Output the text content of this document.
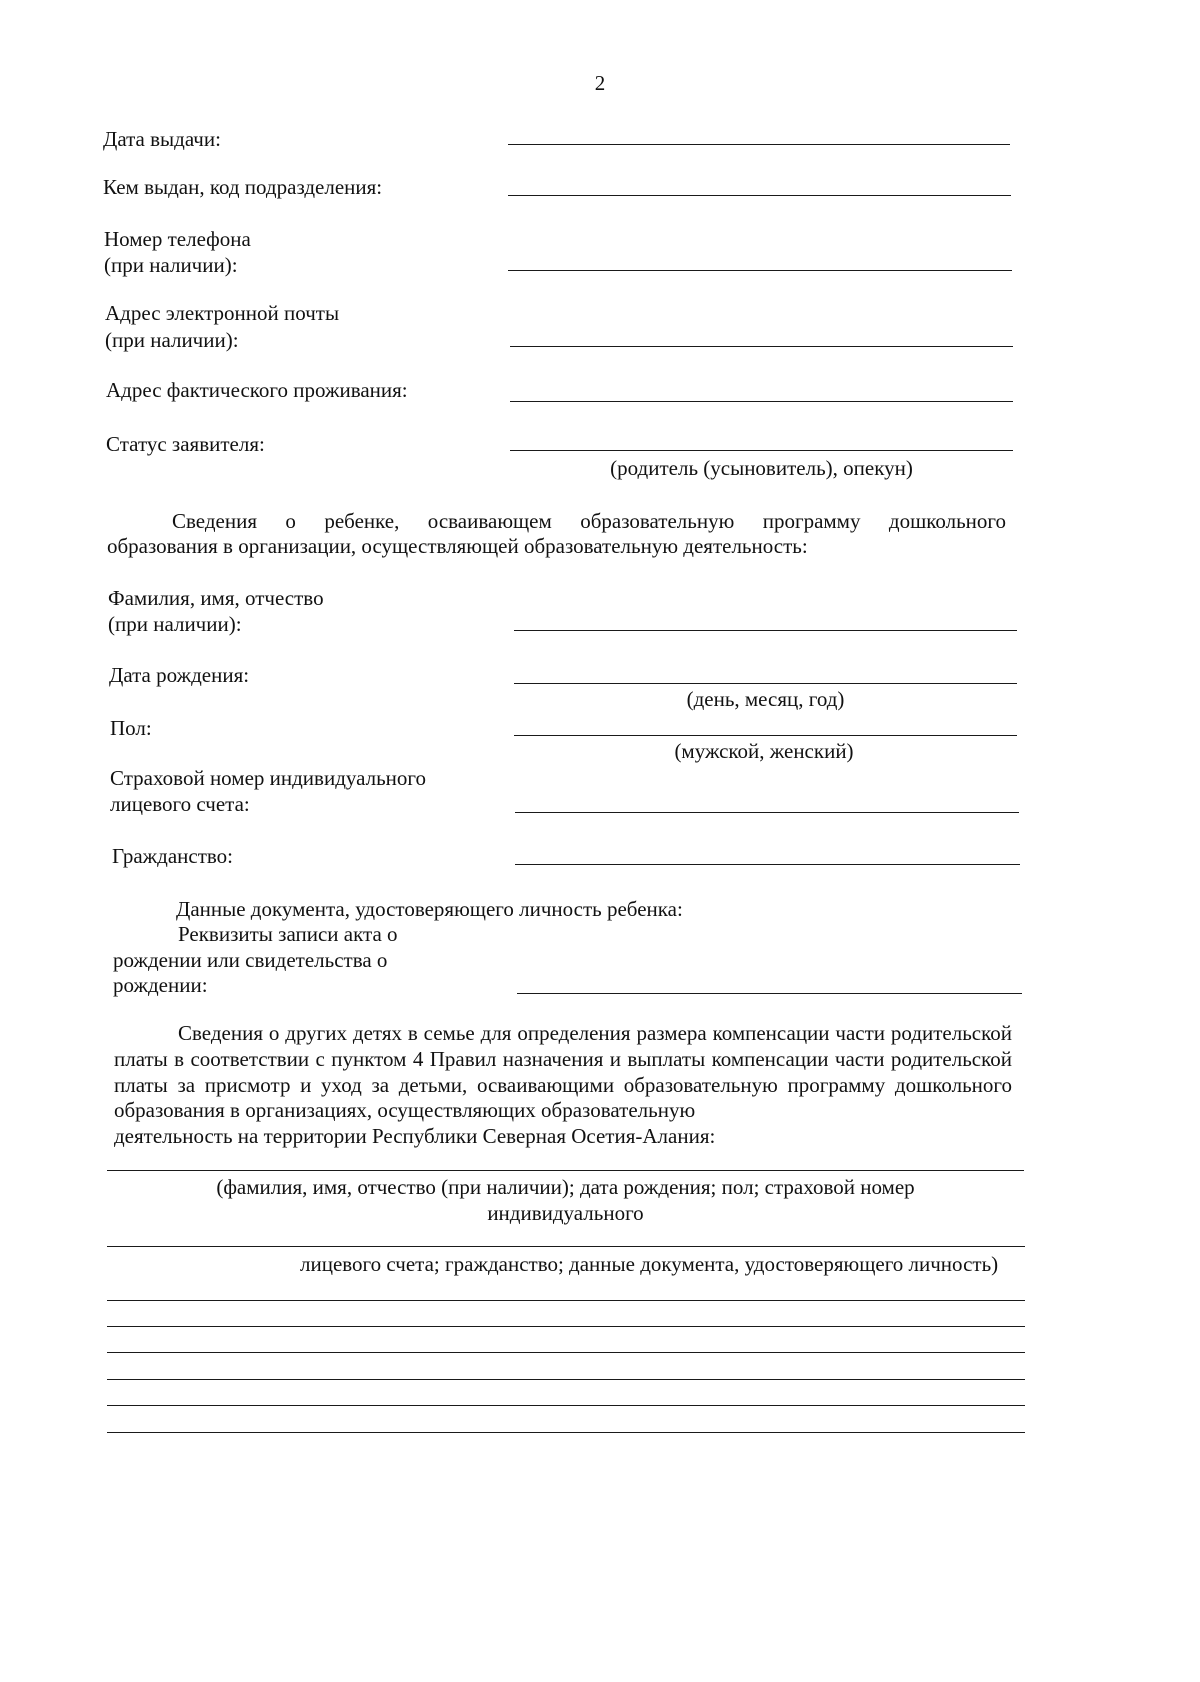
2
Дата выдачи:
Кем выдан, код подразделения:
Номер телефона
(при наличии):
Адрес электронной почты
(при наличии):
Адрес фактического проживания:
Статус заявителя:
(родитель (усыновитель), опекун)
Сведения о ребенке, осваивающем образовательную программу дошкольного
образования в организации, осуществляющей образовательную деятельность:
Фамилия, имя, отчество
(при наличии):
Дата рождения:
(день, месяц, год)
Пол:
(мужской, женский)
Страховой номер индивидуального
лицевого счета:
Гражданство:
Данные документа, удостоверяющего личность ребенка:
Реквизиты записи акта о
рождении или свидетельства о
рождении:
Сведения о других детях в семье для определения размера компенсации части родительской платы в соответствии с пунктом 4 Правил назначения и выплаты компенсации части родительской платы за присмотр и уход за детьми, осваивающими образовательную программу дошкольного образования в организациях, осуществляющих образовательную
деятельность на территории Республики Северная Осетия-Алания:
(фамилия, имя, отчество (при наличии); дата рождения; пол; страховой номер
индивидуального
лицевого счета; гражданство; данные документа, удостоверяющего личность)
